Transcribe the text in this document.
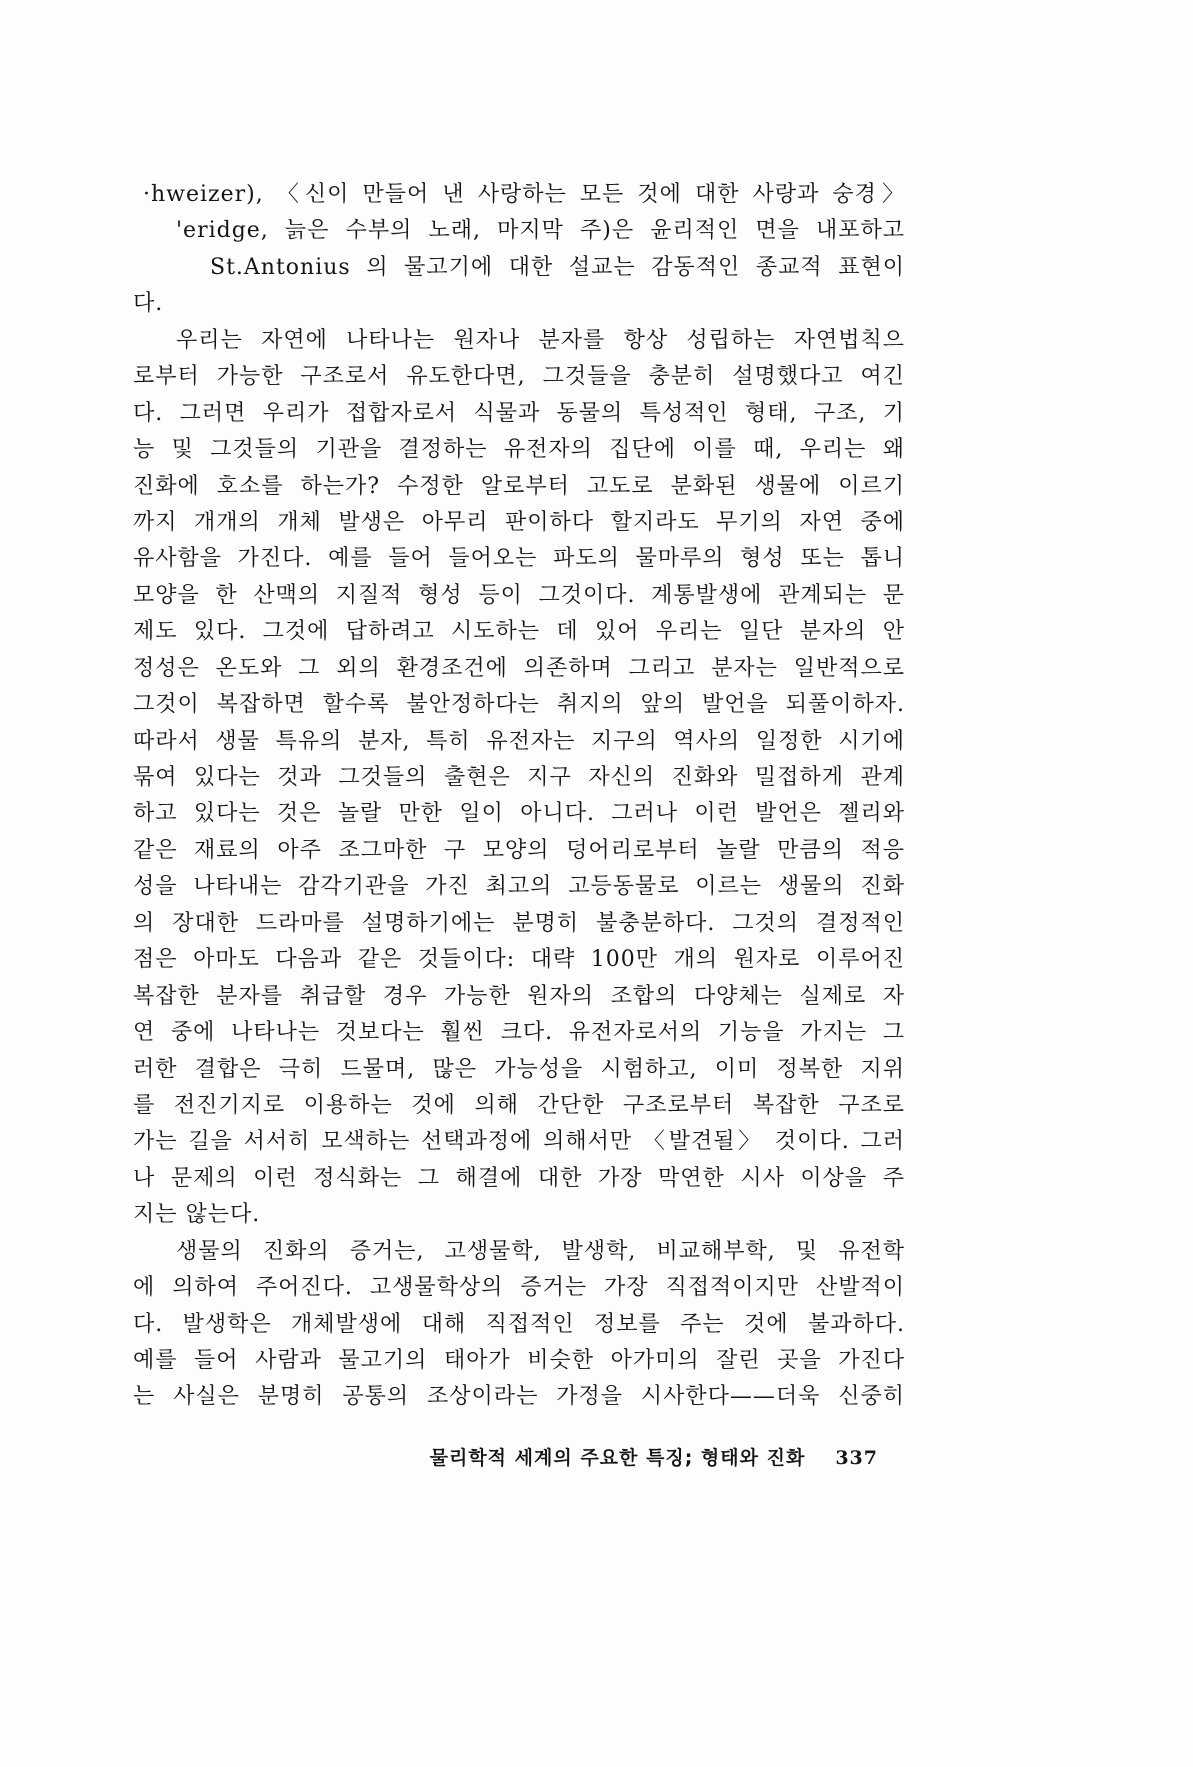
·hweizer), 〈신이 만들어 낸 사랑하는 모든 것에 대한 사랑과 숭경〉
'eridge, 늙은 수부의 노래, 마지막 주)은 윤리적인 면을 내포하고
St.Antonius 의 물고기에 대한 설교는 감동적인 종교적 표현이
다.
우리는 자연에 나타나는 원자나 분자를 항상 성립하는 자연법칙으
로부터 가능한 구조로서 유도한다면, 그것들을 충분히 설명했다고 여긴
다. 그러면 우리가 접합자로서 식물과 동물의 특성적인 형태, 구조, 기
능 및 그것들의 기관을 결정하는 유전자의 집단에 이를 때, 우리는 왜
진화에 호소를 하는가? 수정한 알로부터 고도로 분화된 생물에 이르기
까지 개개의 개체 발생은 아무리 판이하다 할지라도 무기의 자연 중에
유사함을 가진다. 예를 들어 들어오는 파도의 물마루의 형성 또는 톱니
모양을 한 산맥의 지질적 형성 등이 그것이다. 계통발생에 관계되는 문
제도 있다. 그것에 답하려고 시도하는 데 있어 우리는 일단 분자의 안
정성은 온도와 그 외의 환경조건에 의존하며 그리고 분자는 일반적으로
그것이 복잡하면 할수록 불안정하다는 취지의 앞의 발언을 되풀이하자.
따라서 생물 특유의 분자, 특히 유전자는 지구의 역사의 일정한 시기에
묶여 있다는 것과 그것들의 출현은 지구 자신의 진화와 밀접하게 관계
하고 있다는 것은 놀랄 만한 일이 아니다. 그러나 이런 발언은 젤리와
같은 재료의 아주 조그마한 구 모양의 덩어리로부터 놀랄 만큼의 적응
성을 나타내는 감각기관을 가진 최고의 고등동물로 이르는 생물의 진화
의 장대한 드라마를 설명하기에는 분명히 불충분하다. 그것의 결정적인
점은 아마도 다음과 같은 것들이다: 대략 100만 개의 원자로 이루어진
복잡한 분자를 취급할 경우 가능한 원자의 조합의 다양체는 실제로 자
연 중에 나타나는 것보다는 훨씬 크다. 유전자로서의 기능을 가지는 그
러한 결합은 극히 드물며, 많은 가능성을 시험하고, 이미 정복한 지위
를 전진기지로 이용하는 것에 의해 간단한 구조로부터 복잡한 구조로
가는 길을 서서히 모색하는 선택과정에 의해서만 〈발견될〉 것이다. 그러
나 문제의 이런 정식화는 그 해결에 대한 가장 막연한 시사 이상을 주
지는 않는다.
생물의 진화의 증거는, 고생물학, 발생학, 비교해부학, 및 유전학
에 의하여 주어진다. 고생물학상의 증거는 가장 직접적이지만 산발적이
다. 발생학은 개체발생에 대해 직접적인 정보를 주는 것에 불과하다.
예를 들어 사람과 물고기의 태아가 비슷한 아가미의 잘린 곳을 가진다
는 사실은 분명히 공통의 조상이라는 가정을 시사한다——더욱 신중히
물리학적 세계의 주요한 특징; 형태와 진화 337
